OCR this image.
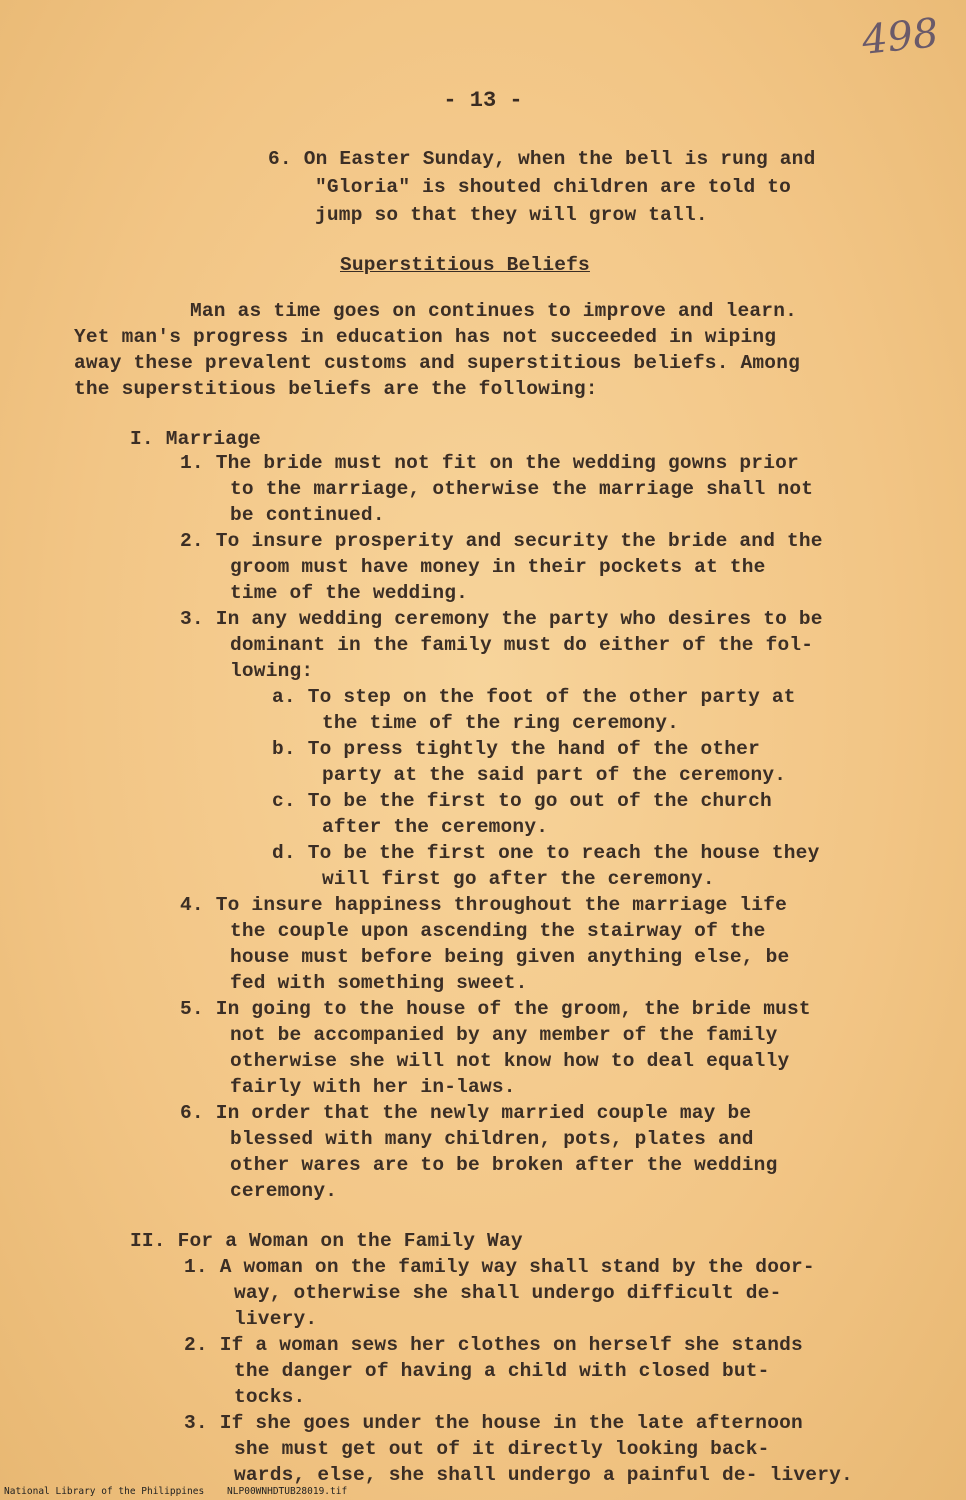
498
- 13 -
6. On Easter Sunday, when the bell is rung and
"Gloria" is shouted children are told to
jump so that they will grow tall.
Superstitious Beliefs
Man as time goes on continues to improve and learn.
Yet man's progress in education has not succeeded in wiping
away these prevalent customs and superstitious beliefs. Among
the superstitious beliefs are the following:
I. Marriage
1. The bride must not fit on the wedding gowns prior
to the marriage, otherwise the marriage shall not
be continued.
2. To insure prosperity and security the bride and the
groom must have money in their pockets at the
time of the wedding.
3. In any wedding ceremony the party who desires to be
dominant in the family must do either of the fol-
lowing:
a. To step on the foot of the other party at
the time of the ring ceremony.
b. To press tightly the hand of the other
party at the said part of the ceremony.
c. To be the first to go out of the church
after the ceremony.
d. To be the first one to reach the house they
will first go after the ceremony.
4. To insure happiness throughout the marriage life
the couple upon ascending the stairway of the
house must before being given anything else, be
fed with something sweet.
5. In going to the house of the groom, the bride must
not be accompanied by any member of the family
otherwise she will not know how to deal equally
fairly with her in-laws.
6. In order that the newly married couple may be
blessed with many children, pots, plates and
other wares are to be broken after the wedding
ceremony.
II. For a Woman on the Family Way
1. A woman on the family way shall stand by the door-
way, otherwise she shall undergo difficult de-
livery.
2. If a woman sews her clothes on herself she stands
the danger of having a child with closed but-
tocks.
3. If she goes under the house in the late afternoon
she must get out of it directly looking back-
wards, else, she shall undergo a painful de- livery.
National Library of the Philippines    NLP00WNHDTUB28019.tif
